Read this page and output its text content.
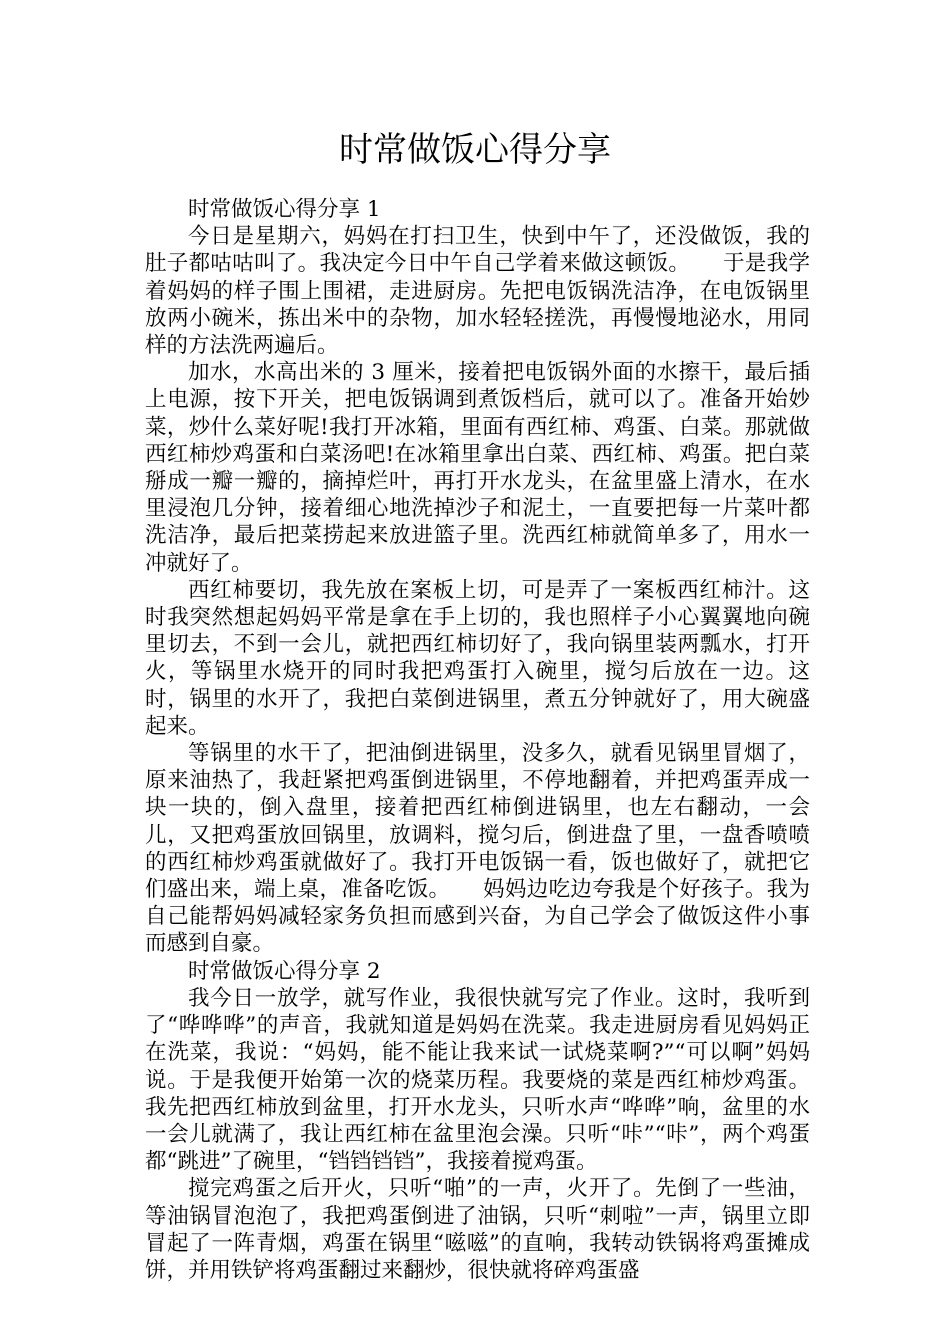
时常做饭心得分享

时常做饭心得分享 1

今日是星期六，妈妈在打扫卫生，快到中午了，还没做饭，我的肚子都咕咕叫了。我决定今日中午自己学着来做这顿饭。　　于是我学着妈妈的样子围上围裙，走进厨房。先把电饭锅洗洁净，在电饭锅里放两小碗米，拣出米中的杂物，加水轻轻搓洗，再慢慢地泌水，用同样的方法洗两遍后。

加水，水高出米的 3 厘米，接着把电饭锅外面的水擦干，最后插上电源，按下开关，把电饭锅调到煮饭档后，就可以了。准备开始妙菜，炒什么菜好呢!我打开冰箱，里面有西红柿、鸡蛋、白菜。那就做西红柿炒鸡蛋和白菜汤吧!在冰箱里拿出白菜、西红柿、鸡蛋。把白菜掰成一瓣一瓣的，摘掉烂叶，再打开水龙头，在盆里盛上清水，在水里浸泡几分钟，接着细心地洗掉沙子和泥土，一直要把每一片菜叶都洗洁净，最后把菜捞起来放进篮子里。洗西红柿就简单多了，用水一冲就好了。

西红柿要切，我先放在案板上切，可是弄了一案板西红柿汁。这时我突然想起妈妈平常是拿在手上切的，我也照样子小心翼翼地向碗里切去，不到一会儿，就把西红柿切好了，我向锅里装两瓢水，打开火，等锅里水烧开的同时我把鸡蛋打入碗里，搅匀后放在一边。这时，锅里的水开了，我把白菜倒进锅里，煮五分钟就好了，用大碗盛起来。

等锅里的水干了，把油倒进锅里，没多久，就看见锅里冒烟了，原来油热了，我赶紧把鸡蛋倒进锅里，不停地翻着，并把鸡蛋弄成一块一块的，倒入盘里，接着把西红柿倒进锅里，也左右翻动，一会儿，又把鸡蛋放回锅里，放调料，搅匀后，倒进盘了里，一盘香喷喷的西红柿炒鸡蛋就做好了。我打开电饭锅一看，饭也做好了，就把它们盛出来，端上桌，准备吃饭。　　妈妈边吃边夸我是个好孩子。我为自己能帮妈妈减轻家务负担而感到兴奋，为自己学会了做饭这件小事而感到自豪。

时常做饭心得分享 2

我今日一放学，就写作业，我很快就写完了作业。这时，我听到了“哗哗哗”的声音，我就知道是妈妈在洗菜。我走进厨房看见妈妈正在洗菜，我说：“妈妈，能不能让我来试一试烧菜啊?”“可以啊”妈妈说。于是我便开始第一次的烧菜历程。我要烧的菜是西红柿炒鸡蛋。我先把西红柿放到盆里，打开水龙头，只听水声“哗哗”响，盆里的水一会儿就满了，我让西红柿在盆里泡会澡。只听“咔”“咔”，两个鸡蛋都“跳进”了碗里，“铛铛铛铛”，我接着搅鸡蛋。

搅完鸡蛋之后开火，只听“啪”的一声，火开了。先倒了一些油，等油锅冒泡泡了，我把鸡蛋倒进了油锅，只听“刺啦”一声，锅里立即冒起了一阵青烟，鸡蛋在锅里“嗞嗞”的直响，我转动铁锅将鸡蛋摊成饼，并用铁铲将鸡蛋翻过来翻炒，很快就将碎鸡蛋盛
